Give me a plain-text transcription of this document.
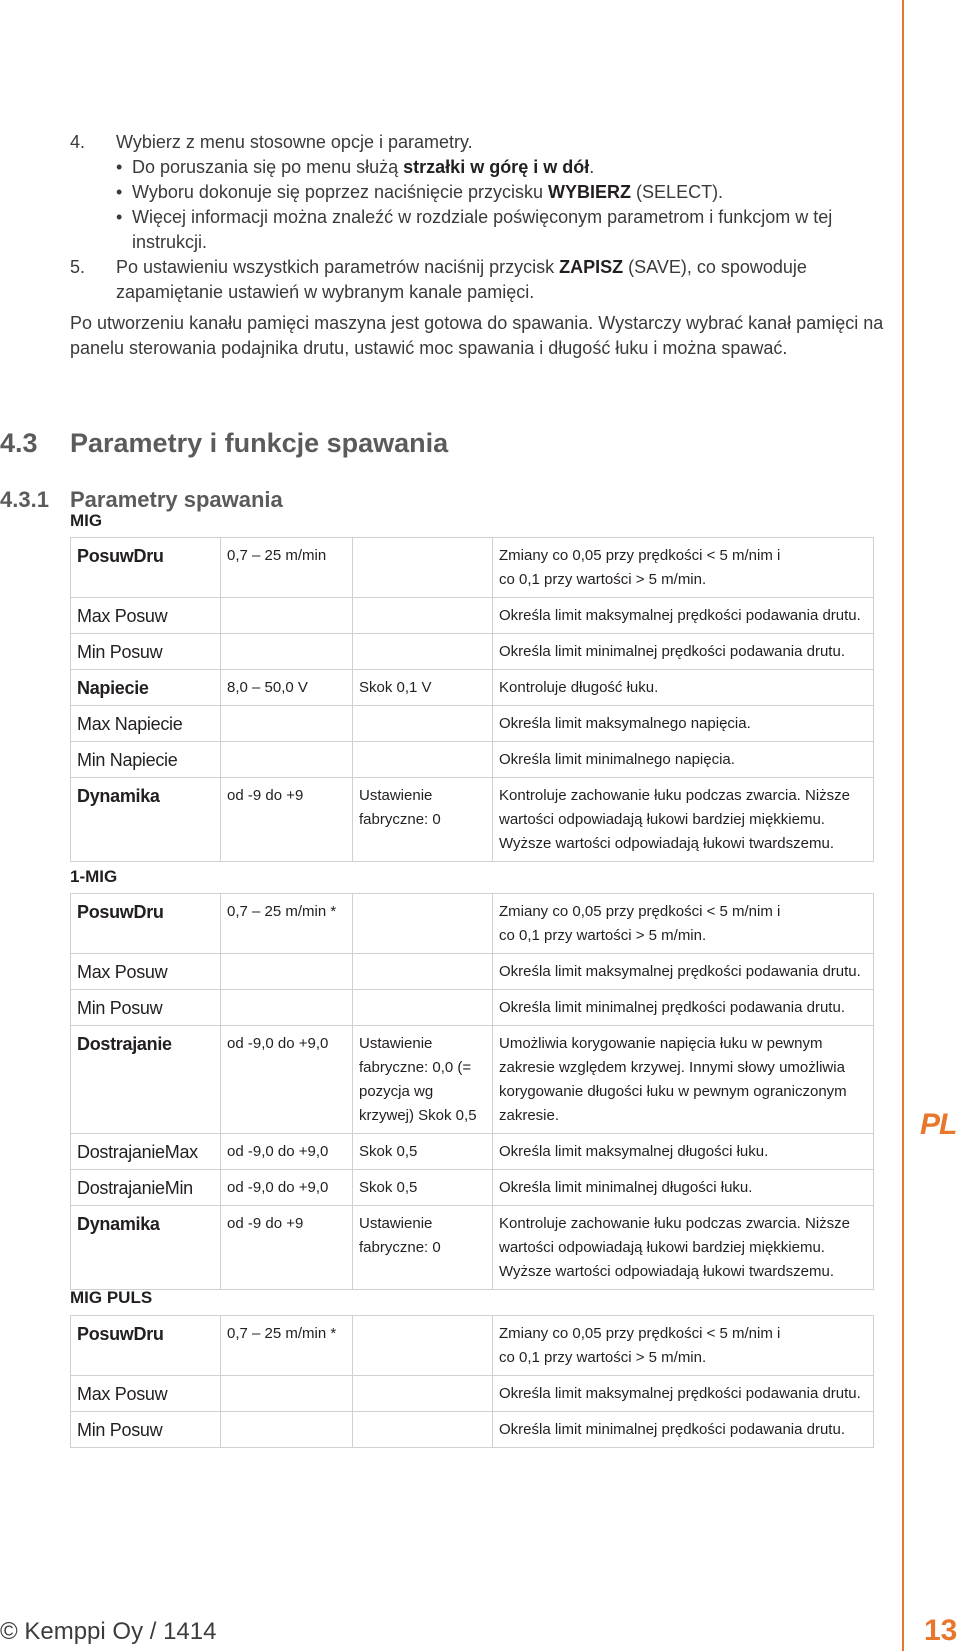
PL

4.	Wybierz z menu stosowne opcje i parametry.

• Do poruszania się po menu służą strzałki w górę i w dół.

• Wyboru dokonuje się poprzez naciśnięcie przycisku WYBIERZ (SELECT).

• Więcej informacji można znaleźć w rozdziale poświęconym parametrom i funkcjom w tej instrukcji.

5.	Po ustawieniu wszystkich parametrów naciśnij przycisk ZAPISZ (SAVE), co spowoduje zapamiętanie ustawień w wybranym kanale pamięci.

Po utworzeniu kanału pamięci maszyna jest gotowa do spawania. Wystarczy wybrać kanał pamięci na panelu sterowania podajnika drutu, ustawić moc spawania i długość łuku i można spawać.

4.3 Parametry i funkcje spawania
4.3.1 Parametry spawania
MIG
PosuwDru	0,7 – 25 m/min		Zmiany co 0,05 przy prędkości < 5 m/nim i
co 0,1 przy wartości > 5 m/min.

Max Posuw			Określa limit maksymalnej prędkości podawania drutu.

Min Posuw			Określa limit minimalnej prędkości podawania drutu.

Napiecie	8,0 – 50,0 V	Skok 0,1 V	Kontroluje długość łuku.

Max Napiecie			Określa limit maksymalnego napięcia.

Min Napiecie			Określa limit minimalnego napięcia.

Dynamika	od -9 do +9	Ustawienie fabryczne: 0	Kontroluje zachowanie łuku podczas zwarcia. Niższe
wartości odpowiadają łukowi bardziej miękkiemu.
Wyższe wartości odpowiadają łukowi twardszemu.
1-MIG
PosuwDru	0,7 – 25 m/min *		Zmiany co 0,05 przy prędkości < 5 m/nim i
co 0,1 przy wartości > 5 m/min.

Max Posuw			Określa limit maksymalnej prędkości podawania drutu.

Min Posuw			Określa limit minimalnej prędkości podawania drutu.

Dostrajanie	od -9,0 do +9,0	Ustawienie fabryczne: 0,0 (= pozycja wg krzywej) Skok 0,5	Umożliwia korygowanie napięcia łuku w pewnym
zakresie względem krzywej. Innymi słowy umożliwia
korygowanie długości łuku w pewnym ograniczonym
zakresie.

DostrajanieMax	od -9,0 do +9,0	Skok 0,5	Określa limit maksymalnej długości łuku.

DostrajanieMin	od -9,0 do +9,0	Skok 0,5	Określa limit minimalnej długości łuku.

Dynamika	od -9 do +9	Ustawienie fabryczne: 0	Kontroluje zachowanie łuku podczas zwarcia. Niższe
wartości odpowiadają łukowi bardziej miękkiemu.
Wyższe wartości odpowiadają łukowi twardszemu.
MIG PULS
PosuwDru	0,7 – 25 m/min *		Zmiany co 0,05 przy prędkości < 5 m/nim i
co 0,1 przy wartości > 5 m/min.

Max Posuw			Określa limit maksymalnej prędkości podawania drutu.

Min Posuw			Określa limit minimalnej prędkości podawania drutu.
© Kemppi Oy / 1414	13
